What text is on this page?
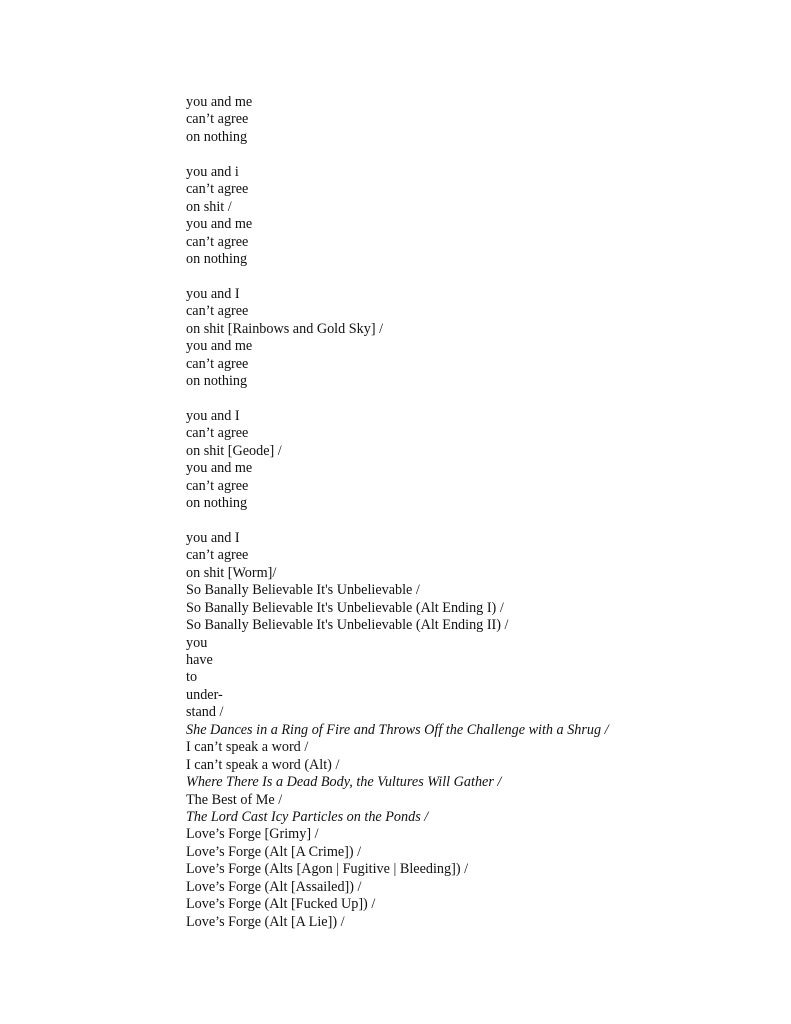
you and me
can’t agree
on nothing
you and i
can’t agree
on shit /
you and me
can’t agree
on nothing
you and I
can’t agree
on shit [Rainbows and Gold Sky] /
you and me
can’t agree
on nothing
you and I
can’t agree
on shit [Geode] /
you and me
can’t agree
on nothing
you and I
can’t agree
on shit [Worm]/
So Banally Believable It's Unbelievable /
So Banally Believable It's Unbelievable (Alt Ending I) /
So Banally Believable It's Unbelievable (Alt Ending II) /
you
have
to
under-
stand /
She Dances in a Ring of Fire and Throws Off the Challenge with a Shrug /
I can’t speak a word /
I can’t speak a word (Alt) /
Where There Is a Dead Body, the Vultures Will Gather /
The Best of Me /
The Lord Cast Icy Particles on the Ponds /
Love’s Forge [Grimy] /
Love’s Forge (Alt [A Crime]) /
Love’s Forge (Alts [Agon | Fugitive | Bleeding]) /
Love’s Forge (Alt [Assailed]) /
Love’s Forge (Alt [Fucked Up]) /
Love’s Forge (Alt [A Lie]) /
